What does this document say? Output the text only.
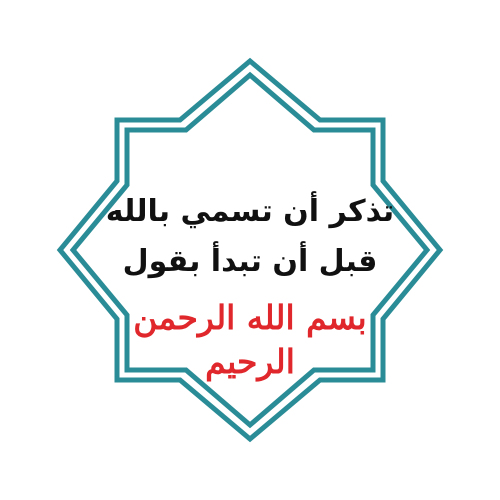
تذكر أن تسمي بالله
قبل أن تبدأ بقول
بسم الله الرحمن الرحيم
